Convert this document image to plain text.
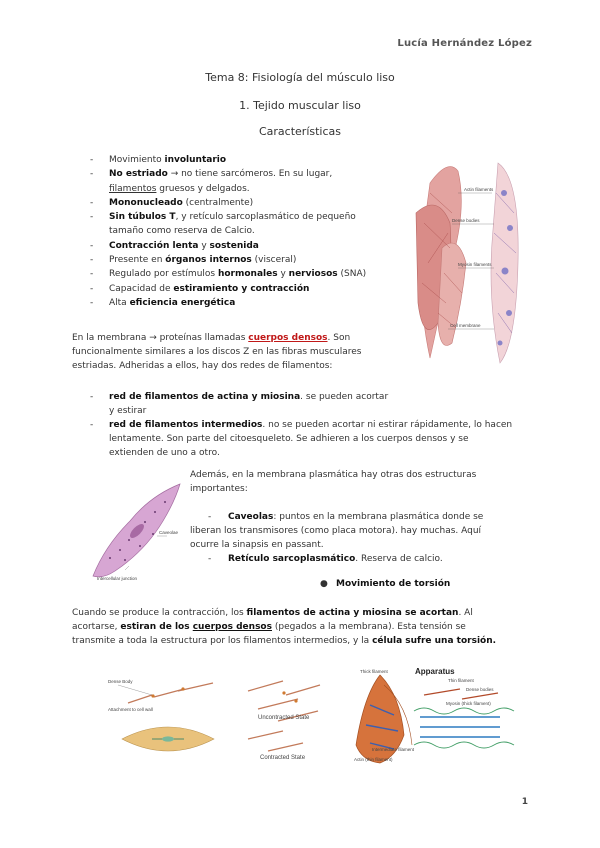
Lucía Hernández López
Tema 8: Fisiología del músculo liso
1. Tejido muscular liso
Características
- Movimiento involuntario
- No estriado → no tiene sarcómeros. En su lugar,
filamentos gruesos y delgados.
- Mononucleado (centralmente)
- Sin túbulos T, y retículo sarcoplasmático de pequeño
tamaño como reserva de Calcio.
- Contracción lenta y sostenida
- Presente en órganos internos (visceral)
- Regulado por estímulos hormonales y nerviosos (SNA)
- Capacidad de estiramiento y contracción
- Alta eficiencia energética
Actin filaments
Dense bodies
Myosin filaments
Cell membrane
En la membrana → proteínas llamadas cuerpos densos. Son
funcionalmente similares a los discos Z en las fibras musculares
estriadas. Adheridas a ellos, hay dos redes de filamentos:
- red de filamentos de actina y miosina. se pueden acortar
y estirar
- red de filamentos intermedios. no se pueden acortar ni estirar rápidamente, lo hacen
lentamente. Son parte del citoesqueleto. Se adhieren a los cuerpos densos y se
extienden de uno a otro.
Caveolae
Intercellular junction
Además, en la membrana plasmática hay otras dos estructuras
importantes:
- Caveolas: puntos en la membrana plasmática donde se
liberan los transmisores (como placa motora). hay muchas. Aquí
ocurre la sinapsis en passant.
- Retículo sarcoplasmático. Reserva de calcio.
● Movimiento de torsión
Cuando se produce la contracción, los filamentos de actina y miosina se acortan. Al
acortarse, estiran de los cuerpos densos (pegados a la membrana). Esta tensión se
transmite a toda la estructura por los filamentos intermedios, y la célula sufre una torsión.
Dense Body
Attachment to cell wall
Uncontracted State
Contracted State
Apparatus
Thick filament
Thin filament
Dense bodies
Myosin (thick filament)
Intermediate filament
Actin (thin filament)
1
